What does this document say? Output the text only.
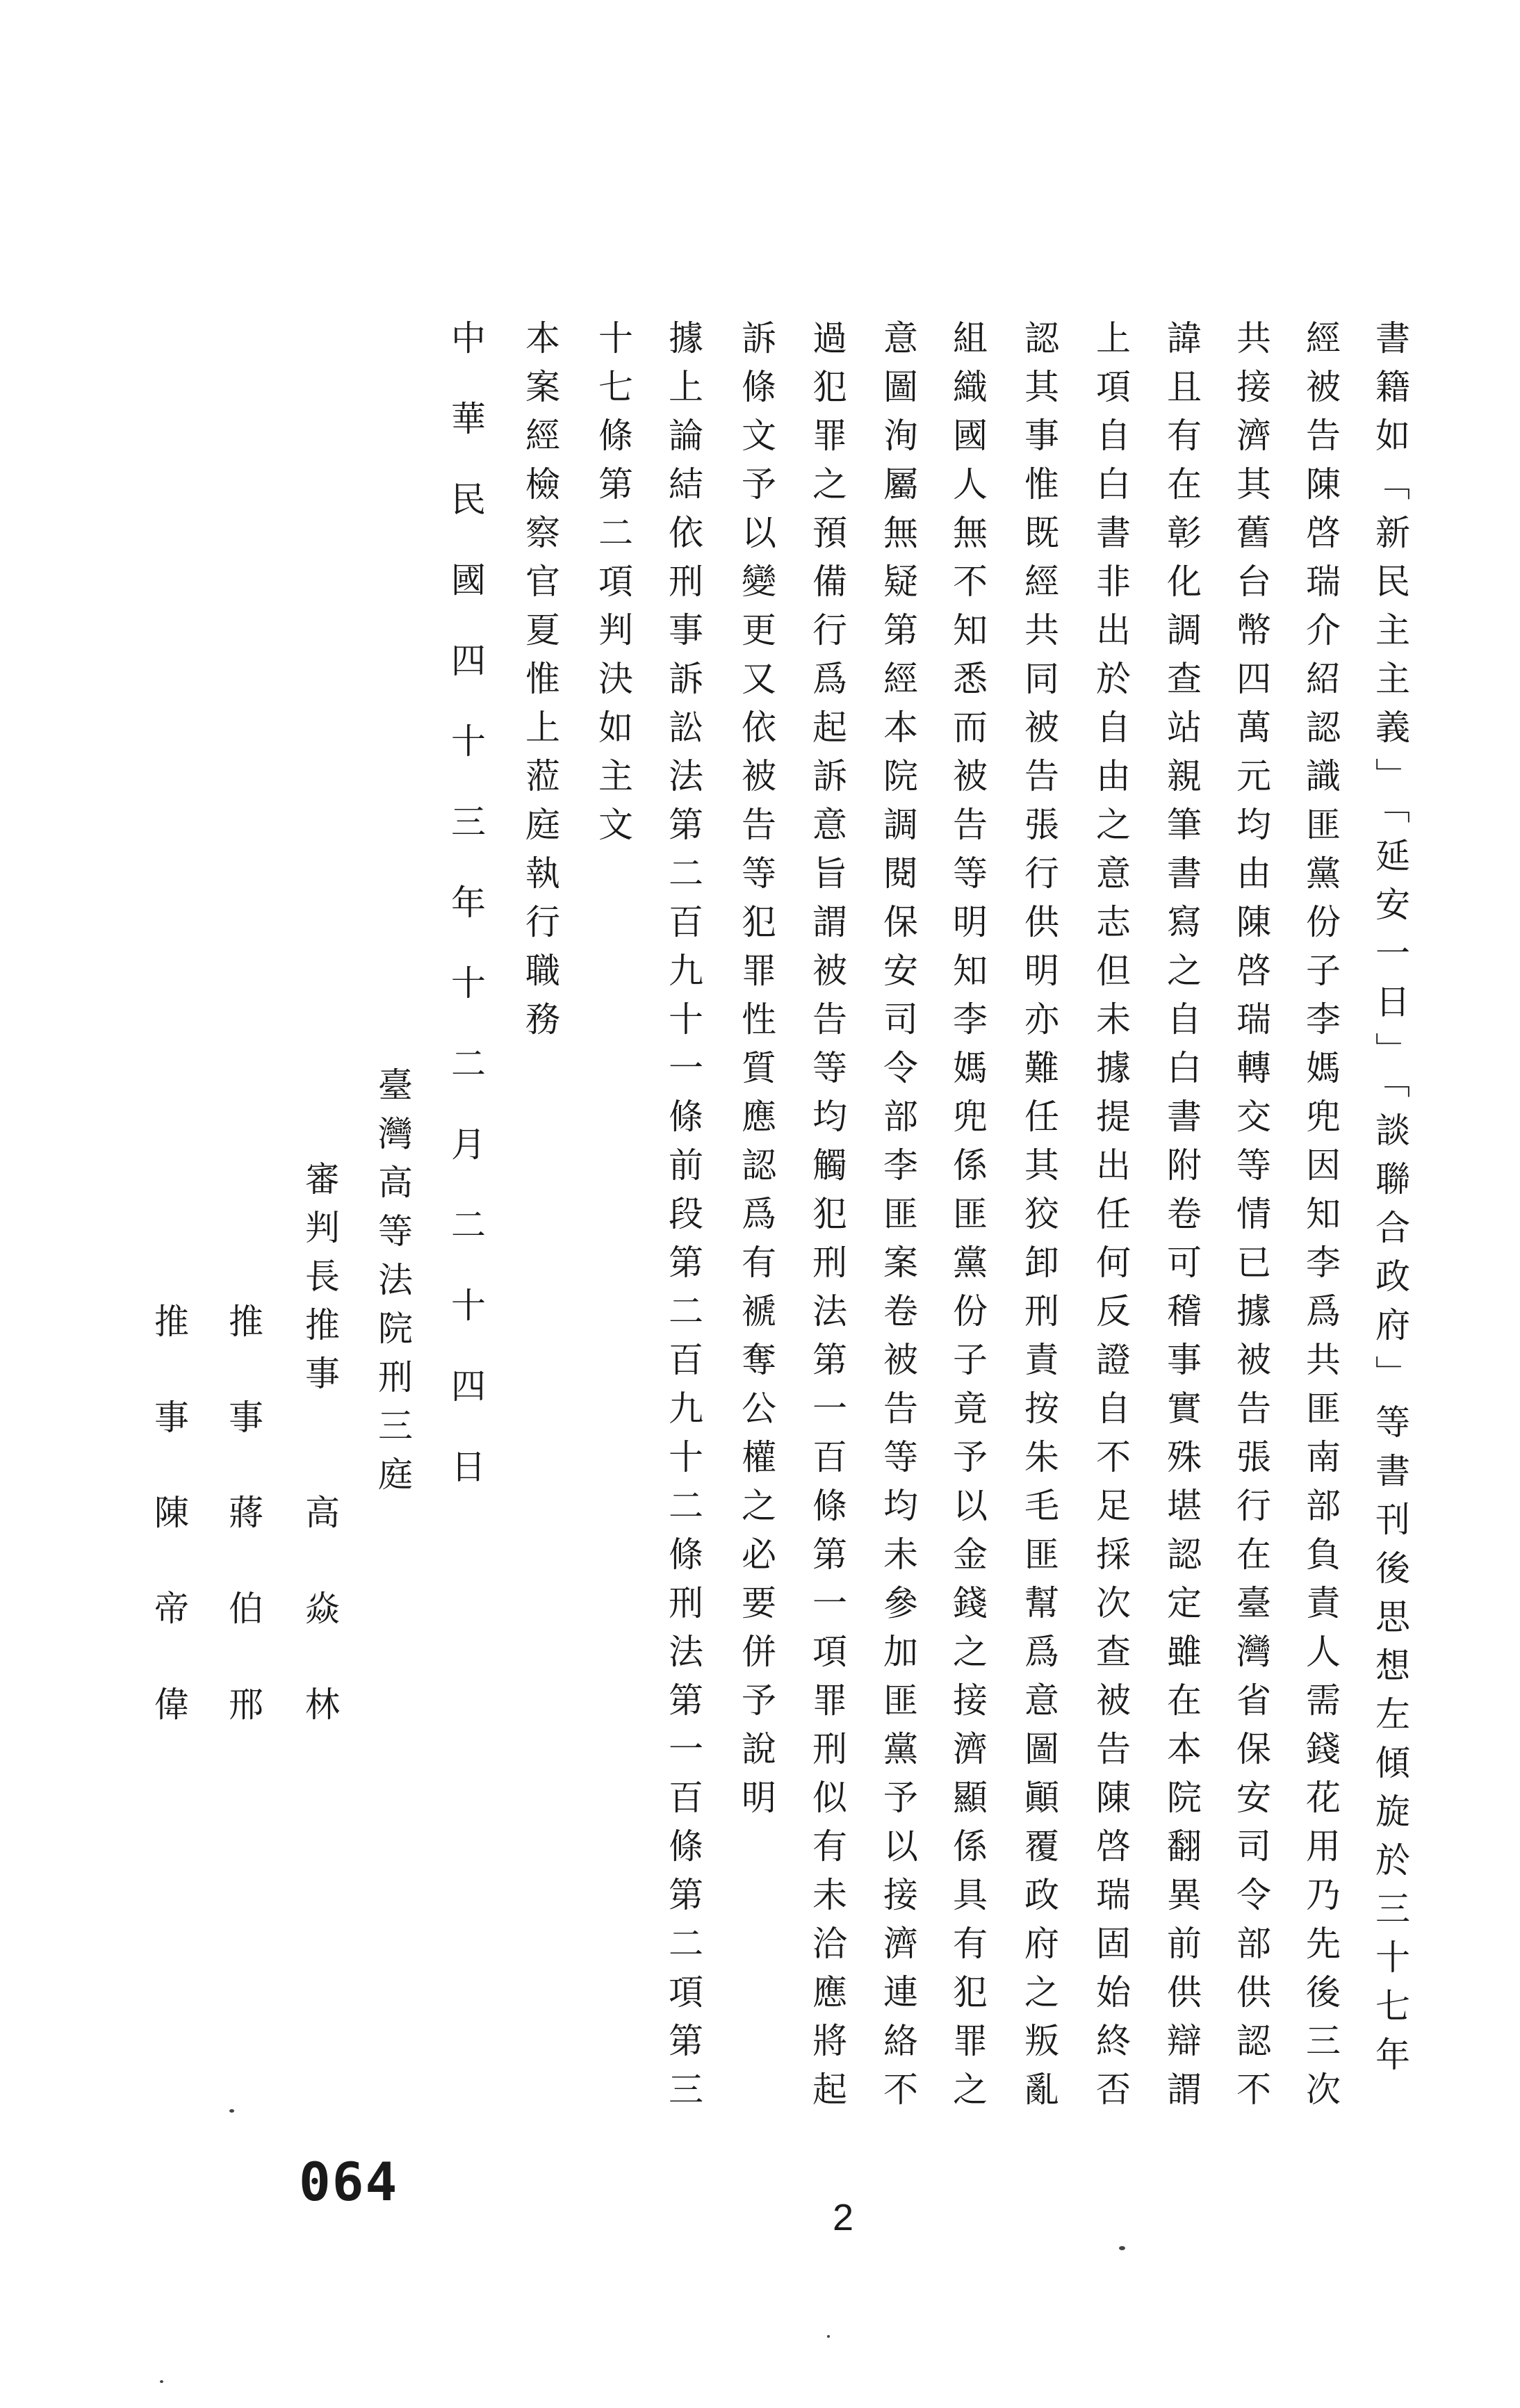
書籍如「新民主主義」「延安一日」「談聯合政府」等書刊後思想左傾旋於三十七年

經被告陳啓瑞介紹認識匪黨份子李媽兜因知李爲共匪南部負責人需錢花用乃先後三次

共接濟其舊台幣四萬元均由陳啓瑞轉交等情已據被告張行在臺灣省保安司令部供認不

諱且有在彰化調查站親筆書寫之自白書附卷可稽事實殊堪認定雖在本院翻異前供辯謂

上項自白書非出於自由之意志但未據提出任何反證自不足採次查被告陳啓瑞固始終否

認其事惟既經共同被告張行供明亦難任其狡卸刑責按朱毛匪幫爲意圖顚覆政府之叛亂

組織國人無不知悉而被告等明知李媽兜係匪黨份子竟予以金錢之接濟顯係具有犯罪之

意圖洵屬無疑第經本院調閱保安司令部李匪案卷被告等均未參加匪黨予以接濟連絡不

過犯罪之預備行爲起訴意旨謂被告等均觸犯刑法第一百條第一項罪刑似有未洽應將起

訴條文予以變更又依被告等犯罪性質應認爲有褫奪公權之必要併予說明

據上論結依刑事訴訟法第二百九十一條前段第二百九十二條刑法第一百條第二項第三

十七條第二項判決如主文

本案經檢察官夏惟上蒞庭執行職務

中華民國四十三年十二月二十四日

臺灣高等法院刑三庭

審判長推事

高焱林

推事

蔣伯邢

推事

陳帝偉

064

2
